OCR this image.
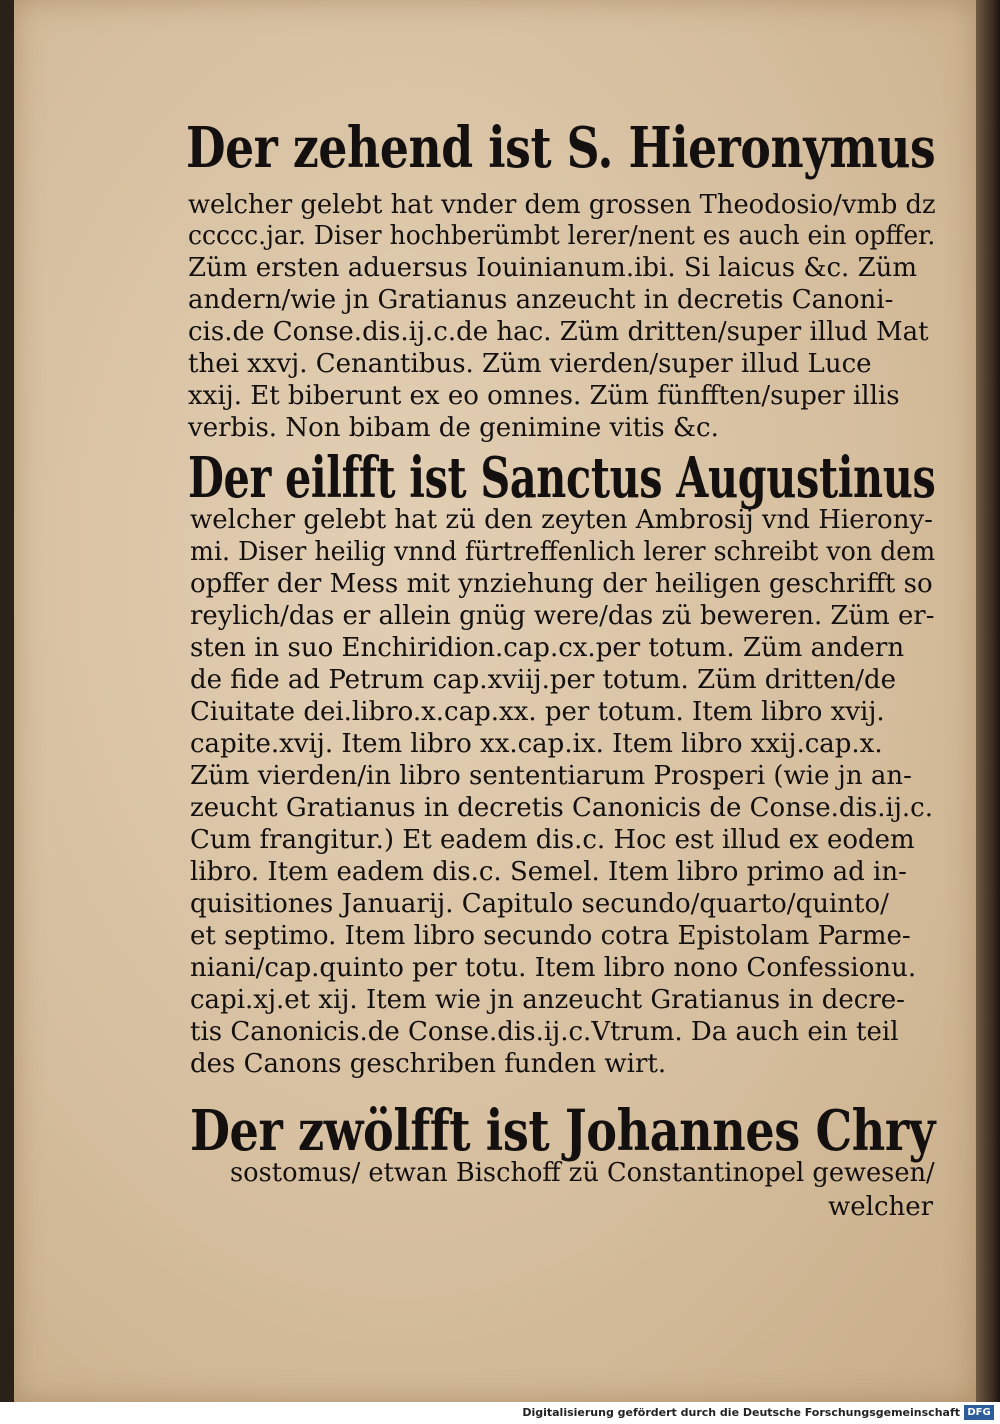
Der zehend ist S. Hieronymus
welcher gelebt hat vnder dem grossen Theodosio/vmb dz
ccccc.jar. Diser hochberümbt lerer/nent es auch ein opffer.
Züm ersten aduersus Iouinianum.ibi. Si laicus &c. Züm
andern/wie jn Gratianus anzeucht in decretis Canoni-
cis.de Conse.dis.ij.c.de hac. Züm dritten/super illud Mat
thei xxvj. Cenantibus. Züm vierden/super illud Luce
xxij. Et biberunt ex eo omnes. Züm fünfften/super illis
verbis. Non bibam de genimine vitis &c.
Der eilfft ist Sanctus Augustinus
welcher gelebt hat zü den zeyten Ambrosij vnd Hierony-
mi. Diser heilig vnnd fürtreffenlich lerer schreibt von dem
opffer der Mess mit ynziehung der heiligen geschrifft so
reylich/das er allein gnüg were/das zü beweren. Züm er-
sten in suo Enchiridion.cap.cx.per totum. Züm andern
de fide ad Petrum cap.xviij.per totum. Züm dritten/de
Ciuitate dei.libro.x.cap.xx. per totum. Item libro xvij.
capite.xvij. Item libro xx.cap.ix. Item libro xxij.cap.x.
Züm vierden/in libro sententiarum Prosperi (wie jn an-
zeucht Gratianus in decretis Canonicis de Conse.dis.ij.c.
Cum frangitur.) Et eadem dis.c. Hoc est illud ex eodem
libro. Item eadem dis.c. Semel. Item libro primo ad in-
quisitiones Januarij. Capitulo secundo/quarto/quinto/
et septimo. Item libro secundo cotra Epistolam Parme-
niani/cap.quinto per totu. Item libro nono Confessionu.
capi.xj.et xij. Item wie jn anzeucht Gratianus in decre-
tis Canonicis.de Conse.dis.ij.c.Vtrum. Da auch ein teil
des Canons geschriben funden wirt.
Der zwölfft ist Johannes Chry
sostomus/ etwan Bischoff zü Constantinopel gewesen/
welcher
Digitalisierung gefördert durch die Deutsche Forschungsgemeinschaft DFG
